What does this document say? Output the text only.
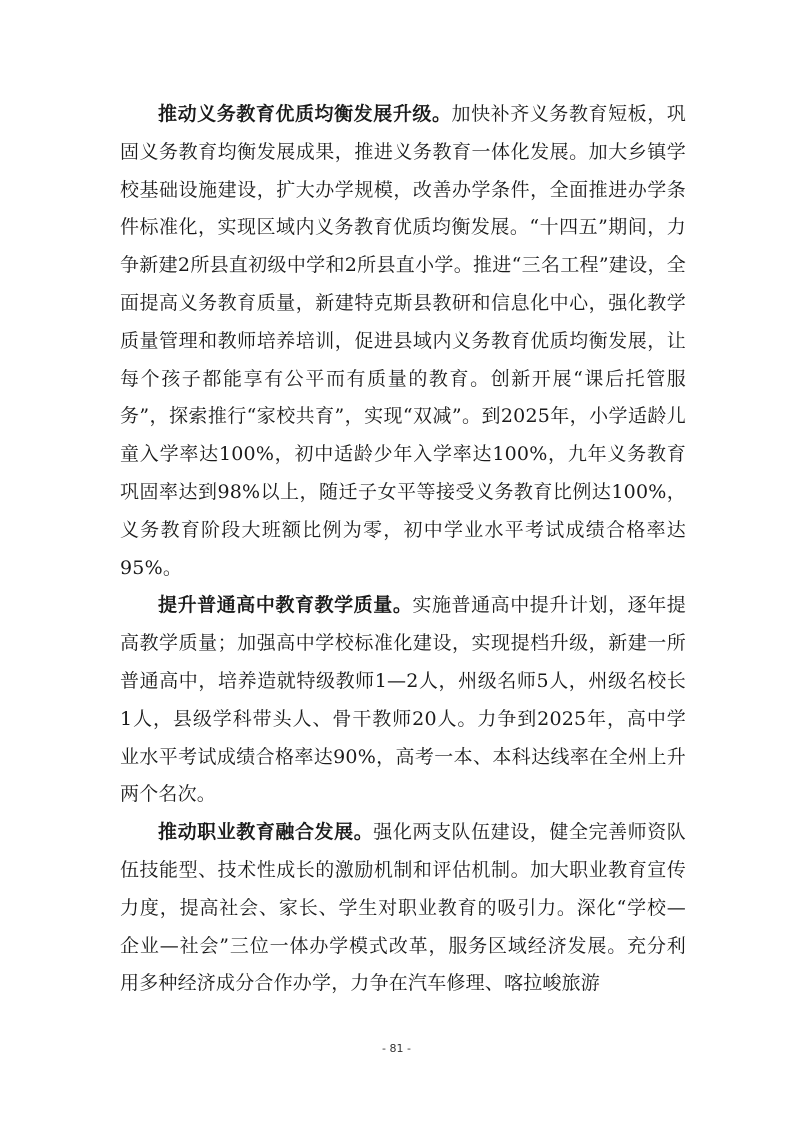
推动义务教育优质均衡发展升级。加快补齐义务教育短板，巩固义务教育均衡发展成果，推进义务教育一体化发展。加大乡镇学校基础设施建设，扩大办学规模，改善办学条件，全面推进办学条件标准化，实现区域内义务教育优质均衡发展。“十四五”期间，力争新建2所县直初级中学和2所县直小学。推进“三名工程”建设，全面提高义务教育质量，新建特克斯县教研和信息化中心，强化教学质量管理和教师培养培训，促进县域内义务教育优质均衡发展，让每个孩子都能享有公平而有质量的教育。创新开展“课后托管服务”，探索推行“家校共育”，实现“双减”。到2025年，小学适龄儿童入学率达100%，初中适龄少年入学率达100%，九年义务教育巩固率达到98%以上，随迁子女平等接受义务教育比例达100%，义务教育阶段大班额比例为零，初中学业水平考试成绩合格率达95%。

提升普通高中教育教学质量。实施普通高中提升计划，逐年提高教学质量；加强高中学校标准化建设，实现提档升级，新建一所普通高中，培养造就特级教师1—2人，州级名师5人，州级名校长1人，县级学科带头人、骨干教师20人。力争到2025年，高中学业水平考试成绩合格率达90%，高考一本、本科达线率在全州上升两个名次。

推动职业教育融合发展。强化两支队伍建设，健全完善师资队伍技能型、技术性成长的激励机制和评估机制。加大职业教育宣传力度，提高社会、家长、学生对职业教育的吸引力。深化“学校—企业—社会”三位一体办学模式改革，服务区域经济发展。充分利用多种经济成分合作办学，力争在汽车修理、喀拉峻旅游

- 81 -
